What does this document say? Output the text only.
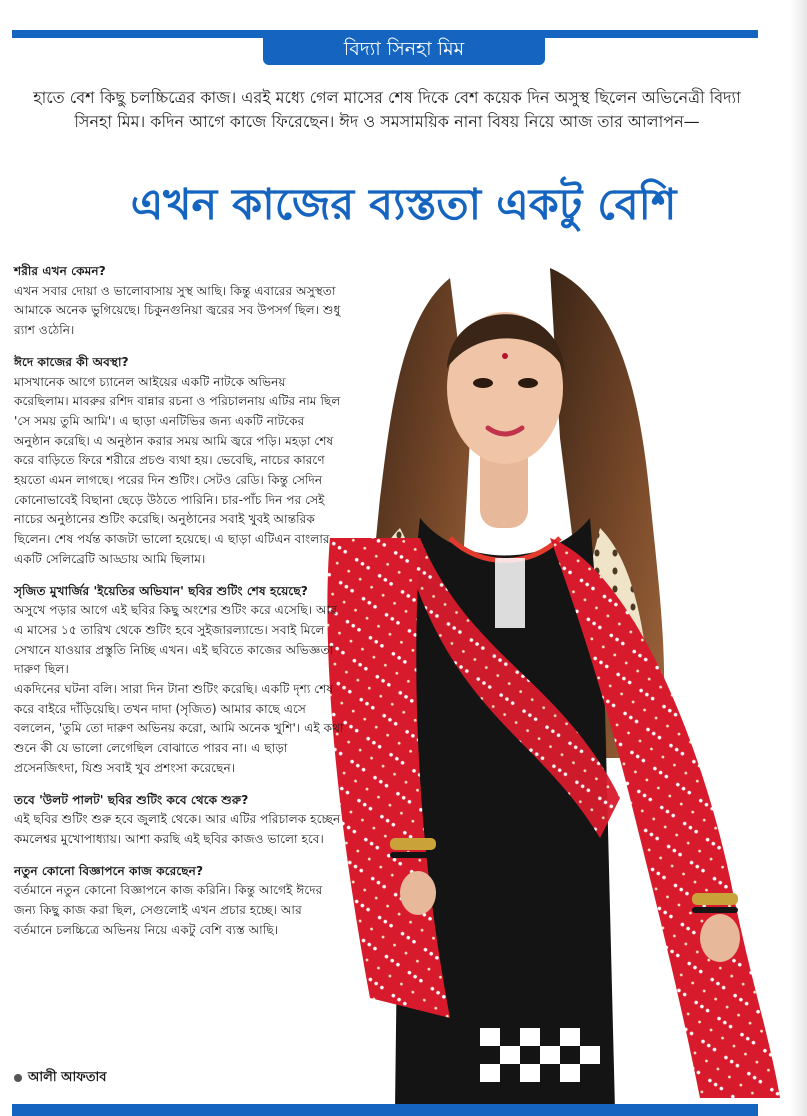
বিদ্যা সিনহা মিম
হাতে বেশ কিছু চলচ্চিত্রের কাজ। এরই মধ্যে গেল মাসের শেষ দিকে বেশ কয়েক দিন অসুস্থ ছিলেন অভিনেত্রী বিদ্যা সিনহা মিম। কদিন আগে কাজে ফিরেছেন। ঈদ ও সমসাময়িক নানা বিষয় নিয়ে আজ তার আলাপন—
এখন কাজের ব্যস্ততা একটু বেশি

শরীর এখন কেমন?

এখন সবার দোয়া ও ভালোবাসায় সুস্থ আছি। কিন্তু এবারের অসুস্থতা আমাকে অনেক ভুগিয়েছে। চিকুনগুনিয়া জ্বরের সব উপসর্গ ছিল। শুধু র‍্যাশ ওঠেনি।

ঈদে কাজের কী অবস্থা?

মাসখানেক আগে চ্যানেল আইয়ের একটি নাটকে অভিনয় করেছিলাম। মাবরুর রশিদ বান্নার রচনা ও পরিচালনায় এটির নাম ছিল 'সে সময় তুমি আমি'। এ ছাড়া এনটিভির জন্য একটি নাটকের অনুষ্ঠান করেছি। এ অনুষ্ঠান করার সময় আমি জ্বরে পড়ি। মহড়া শেষ করে বাড়িতে ফিরে শরীরে প্রচণ্ড ব্যথা হয়। ভেবেছি, নাচের কারণে হয়তো এমন লাগছে। পরের দিন শুটিং। সেটও রেডি। কিন্তু সেদিন কোনোভাবেই বিছানা ছেড়ে উঠতে পারিনি। চার-পাঁচ দিন পর সেই নাচের অনুষ্ঠানের শুটিং করেছি। অনুষ্ঠানের সবাই খুবই আন্তরিক ছিলেন। শেষ পর্যন্ত কাজটা ভালো হয়েছে। এ ছাড়া এটিএন বাংলার একটি সেলিব্রেটি আড্ডায় আমি ছিলাম।

সৃজিত মুখার্জির 'ইয়েতির অভিযান' ছবির শুটিং শেষ হয়েছে?

অসুখে পড়ার আগে এই ছবির কিছু অংশের শুটিং করে এসেছি। আর এ মাসের ১৫ তারিখ থেকে শুটিং হবে সুইজারল্যান্ডে। সবাই মিলে সেখানে যাওয়ার প্রস্তুতি নিচ্ছি এখন। এই ছবিতে কাজের অভিজ্ঞতা দারুণ ছিল।

একদিনের ঘটনা বলি। সারা দিন টানা শুটিং করেছি। একটি দৃশ্য শেষ করে বাইরে দাঁড়িয়েছি। তখন দাদা (সৃজিত) আমার কাছে এসে বললেন, 'তুমি তো দারুণ অভিনয় করো, আমি অনেক খুশি'। এই কথা শুনে কী যে ভালো লেগেছিল বোঝাতে পারব না। এ ছাড়া প্রসেনজিৎদা, যিশু সবাই খুব প্রশংসা করেছেন।

তবে 'উলট পালট' ছবির শুটিং কবে থেকে শুরু?

এই ছবির শুটিং শুরু হবে জুলাই থেকে। আর এটির পরিচালক হচ্ছেন কমলেশ্বর মুখোপাধ্যায়। আশা করছি এই ছবির কাজও ভালো হবে।

নতুন কোনো বিজ্ঞাপনে কাজ করেছেন?

বর্তমানে নতুন কোনো বিজ্ঞাপনে কাজ করিনি। কিন্তু আগেই ঈদের জন্য কিছু কাজ করা ছিল, সেগুলোই এখন প্রচার হচ্ছে। আর বর্তমানে চলচ্চিত্রে অভিনয় নিয়ে একটু বেশি ব্যস্ত আছি।

আলী আফতাব
